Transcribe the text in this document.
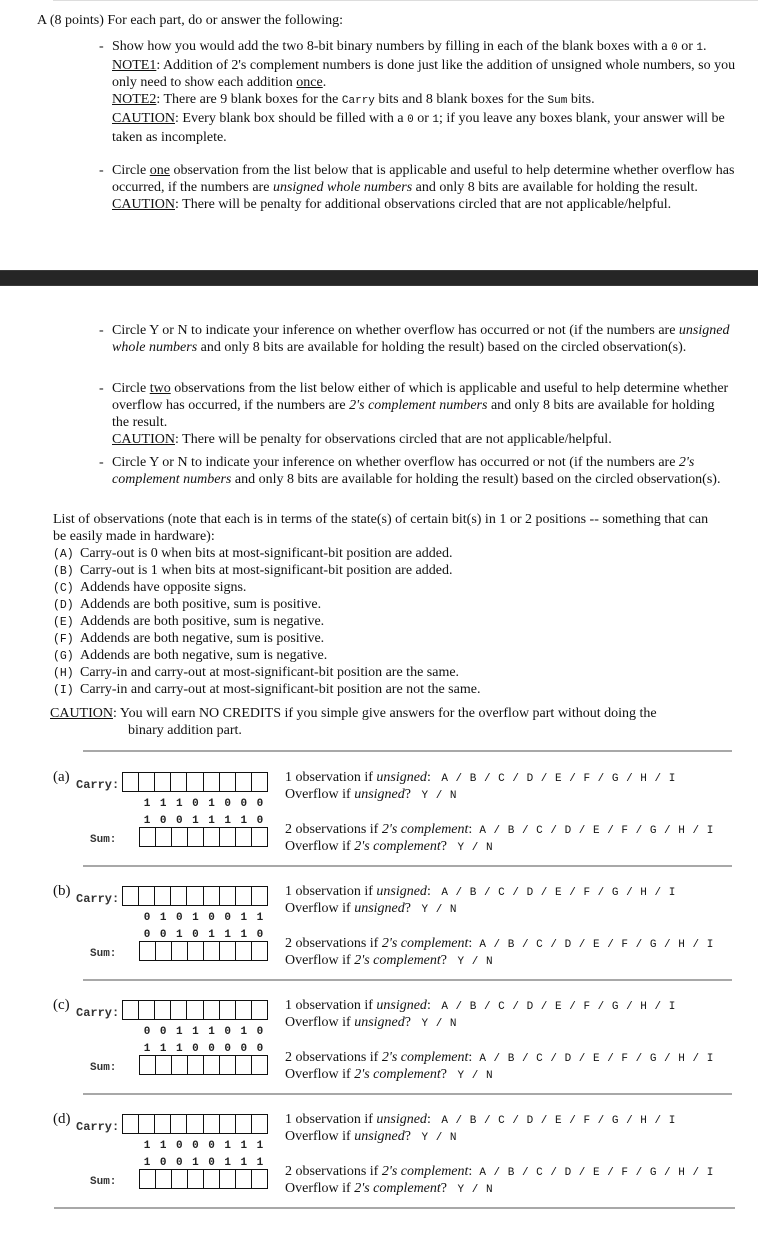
A (8 points) For each part, do or answer the following:
- Show how you would add the two 8-bit binary numbers by filling in each of the blank boxes with a 0 or 1.
NOTE1: Addition of 2's complement numbers is done just like the addition of unsigned whole numbers, so you only need to show each addition once.
NOTE2: There are 9 blank boxes for the Carry bits and 8 blank boxes for the Sum bits.
CAUTION: Every blank box should be filled with a 0 or 1; if you leave any boxes blank, your answer will be taken as incomplete.
- Circle one observation from the list below that is applicable and useful to help determine whether overflow has occurred, if the numbers are unsigned whole numbers and only 8 bits are available for holding the result.
CAUTION: There will be penalty for additional observations circled that are not applicable/helpful.
- Circle Y or N to indicate your inference on whether overflow has occurred or not (if the numbers are unsigned whole numbers and only 8 bits are available for holding the result) based on the circled observation(s).
- Circle two observations from the list below either of which is applicable and useful to help determine whether overflow has occurred, if the numbers are 2's complement numbers and only 8 bits are available for holding the result.
CAUTION: There will be penalty for observations circled that are not applicable/helpful.
- Circle Y or N to indicate your inference on whether overflow has occurred or not (if the numbers are 2's complement numbers and only 8 bits are available for holding the result) based on the circled observation(s).
List of observations (note that each is in terms of the state(s) of certain bit(s) in 1 or 2 positions -- something that can be easily made in hardware):
(A) Carry-out is 0 when bits at most-significant-bit position are added.
(B) Carry-out is 1 when bits at most-significant-bit position are added.
(C) Addends have opposite signs.
(D) Addends are both positive, sum is positive.
(E) Addends are both positive, sum is negative.
(F) Addends are both negative, sum is positive.
(G) Addends are both negative, sum is negative.
(H) Carry-in and carry-out at most-significant-bit position are the same.
(I) Carry-in and carry-out at most-significant-bit position are not the same.
CAUTION: You will earn NO CREDITS if you simple give answers for the overflow part without doing the
binary addition part.
(a) Carry:
1 1 1 0 1 0 0 0
1 0 0 1 1 1 1 0
Sum:
1 observation if unsigned: A / B / C / D / E / F / G / H / I
Overflow if unsigned? Y / N
2 observations if 2's complement: A / B / C / D / E / F / G / H / I
Overflow if 2's complement? Y / N
(b) Carry:
0 1 0 1 0 0 1 1
0 0 1 0 1 1 1 0
Sum:
1 observation if unsigned: A / B / C / D / E / F / G / H / I
Overflow if unsigned? Y / N
2 observations if 2's complement: A / B / C / D / E / F / G / H / I
Overflow if 2's complement? Y / N
(c) Carry:
0 0 1 1 1 0 1 0
1 1 1 0 0 0 0 0
Sum:
1 observation if unsigned: A / B / C / D / E / F / G / H / I
Overflow if unsigned? Y / N
2 observations if 2's complement: A / B / C / D / E / F / G / H / I
Overflow if 2's complement? Y / N
(d) Carry:
1 1 0 0 0 1 1 1
1 0 0 1 0 1 1 1
Sum:
1 observation if unsigned: A / B / C / D / E / F / G / H / I
Overflow if unsigned? Y / N
2 observations if 2's complement: A / B / C / D / E / F / G / H / I
Overflow if 2's complement? Y / N
